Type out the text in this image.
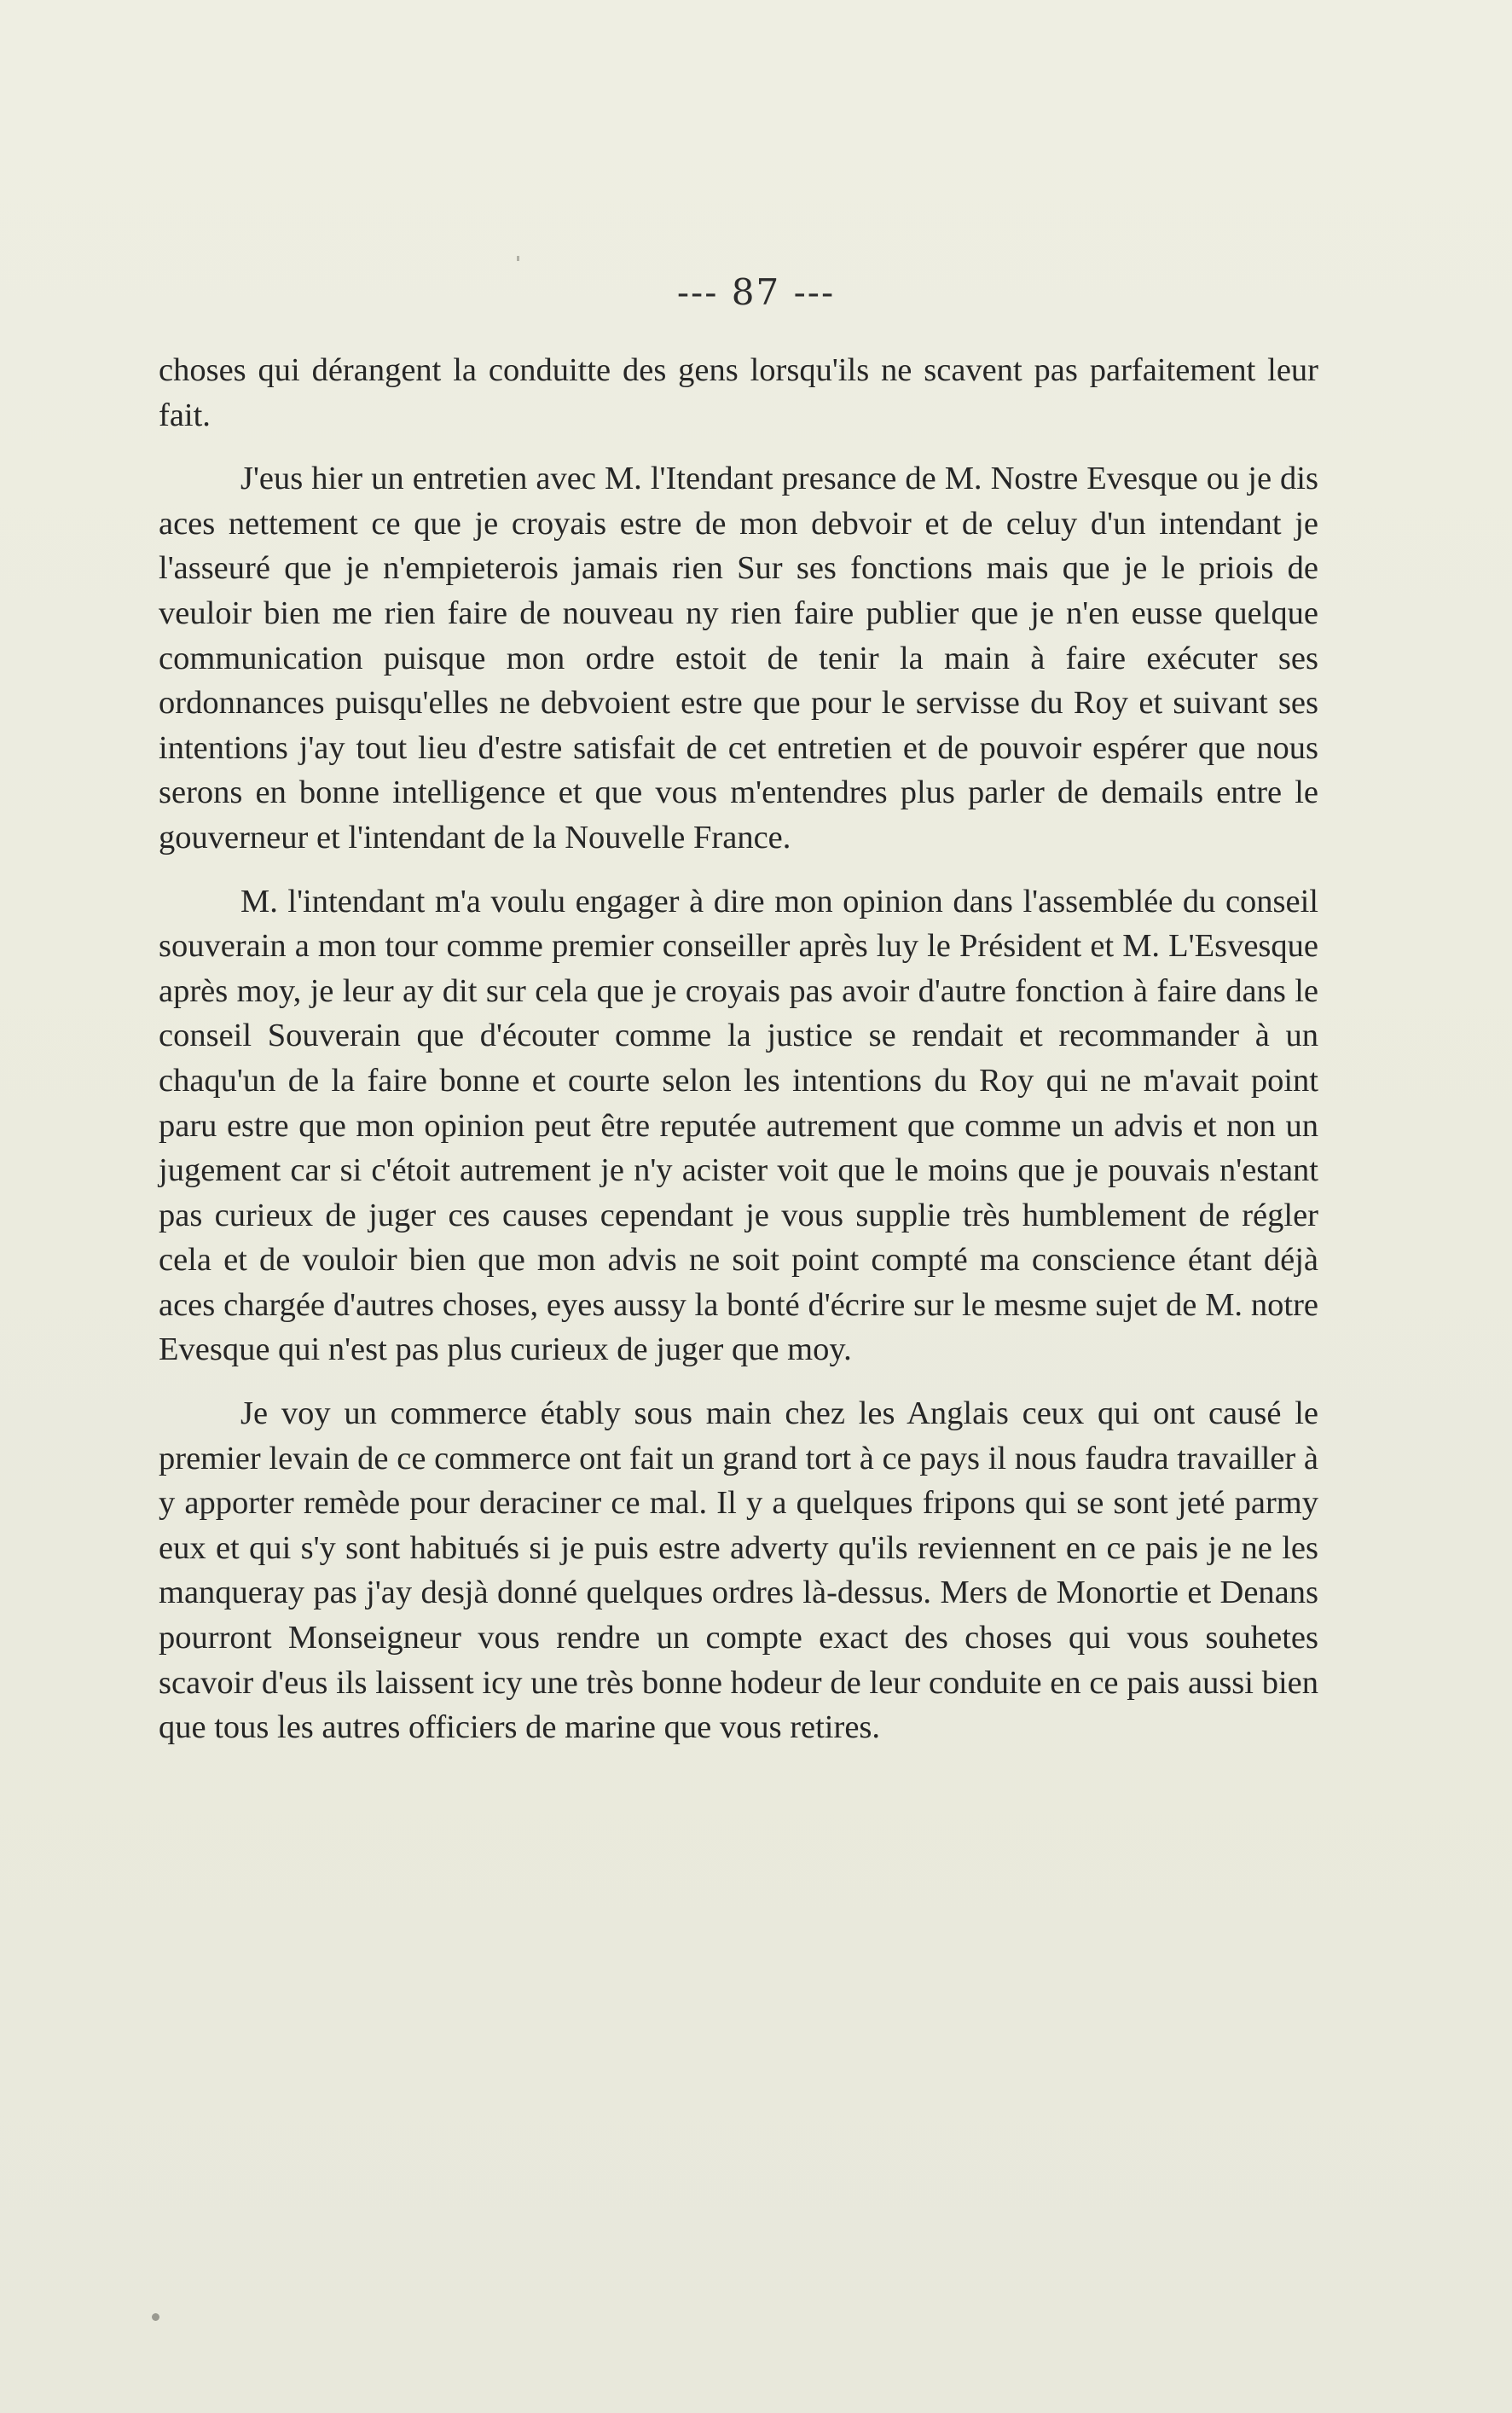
--- 87 ---

choses qui dérangent la conduitte des gens lorsqu'ils ne scavent pas parfaitement leur fait.

J'eus hier un entretien avec M. l'Itendant presance de M. Nostre Evesque ou je dis aces nettement ce que je croyais estre de mon debvoir et de celuy d'un intendant je l'asseuré que je n'empieterois jamais rien Sur ses fonctions mais que je le priois de veuloir bien me rien faire de nouveau ny rien faire publier que je n'en eusse quelque communication puisque mon ordre estoit de tenir la main à faire exécuter ses ordonnances puisqu'elles ne debvoient estre que pour le servisse du Roy et suivant ses intentions j'ay tout lieu d'estre satisfait de cet entretien et de pouvoir espérer que nous serons en bonne intelligence et que vous m'entendres plus parler de demails entre le gouverneur et l'intendant de la Nouvelle France.

M. l'intendant m'a voulu engager à dire mon opinion dans l'assemblée du conseil souverain a mon tour comme premier conseiller après luy le Président et M. L'Esvesque après moy, je leur ay dit sur cela que je croyais pas avoir d'autre fonction à faire dans le conseil Souverain que d'écouter comme la justice se rendait et recommander à un chaqu'un de la faire bonne et courte selon les intentions du Roy qui ne m'avait point paru estre que mon opinion peut être reputée autrement que comme un advis et non un jugement car si c'étoit autrement je n'y acister voit que le moins que je pouvais n'estant pas curieux de juger ces causes cependant je vous supplie très humblement de régler cela et de vouloir bien que mon advis ne soit point compté ma conscience étant déjà aces chargée d'autres choses, eyes aussy la bonté d'écrire sur le mesme sujet de M. notre Evesque qui n'est pas plus curieux de juger que moy.

Je voy un commerce étably sous main chez les Anglais ceux qui ont causé le premier levain de ce commerce ont fait un grand tort à ce pays il nous faudra travailler à y apporter remède pour deraciner ce mal. Il y a quelques fripons qui se sont jeté parmy eux et qui s'y sont habitués si je puis estre adverty qu'ils reviennent en ce pais je ne les manqueray pas j'ay desjà donné quelques ordres là-dessus. Mers de Monortie et Denans pourront Monseigneur vous rendre un compte exact des choses qui vous souhetes scavoir d'eus ils laissent icy une très bonne hodeur de leur conduite en ce pais aussi bien que tous les autres officiers de marine que vous retires.
